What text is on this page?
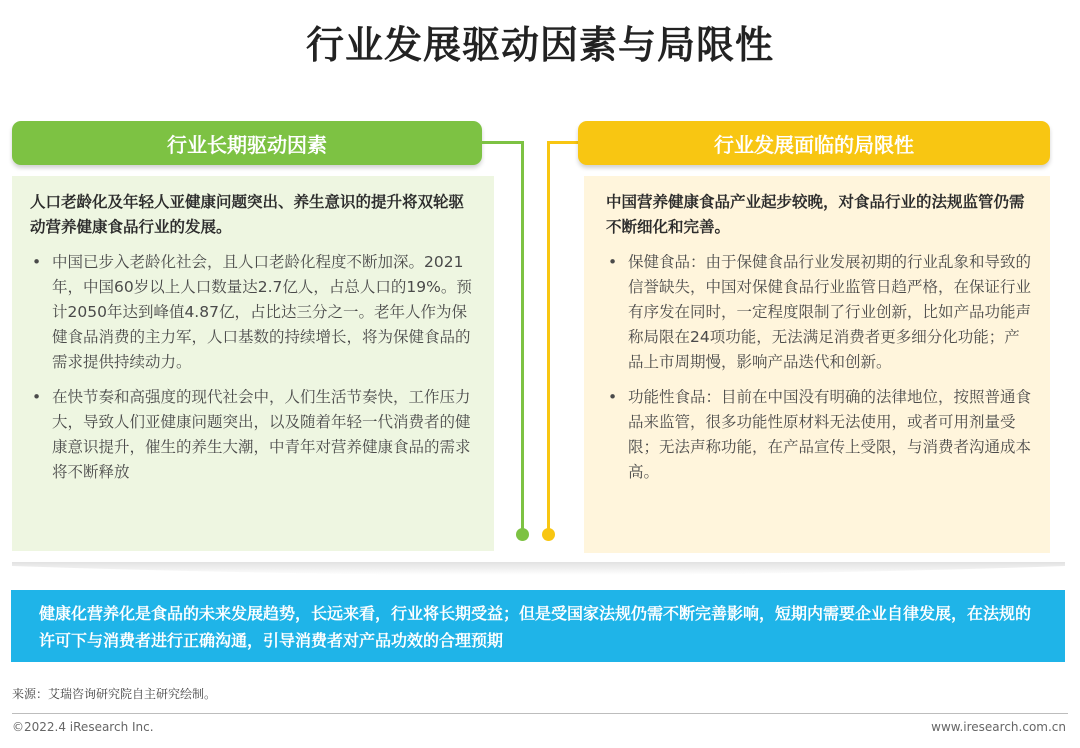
行业发展驱动因素与局限性
行业长期驱动因素

人口老龄化及年轻人亚健康问题突出、养生意识的提升将双轮驱动营养健康食品行业的发展。

• 中国已步入老龄化社会，且人口老龄化程度不断加深。2021年，中国60岁以上人口数量达2.7亿人，占总人口的19%。预计2050年达到峰值4.87亿，占比达三分之一。老年人作为保健食品消费的主力军，人口基数的持续增长，将为保健食品的需求提供持续动力。
• 在快节奏和高强度的现代社会中，人们生活节奏快，工作压力大，导致人们亚健康问题突出，以及随着年轻一代消费者的健康意识提升，催生的养生大潮，中青年对营养健康食品的需求将不断释放
行业发展面临的局限性

中国营养健康食品产业起步较晚，对食品行业的法规监管仍需不断细化和完善。

• 保健食品：由于保健食品行业发展初期的行业乱象和导致的信誉缺失，中国对保健食品行业监管日趋严格，在保证行业有序发在同时，一定程度限制了行业创新，比如产品功能声称局限在24项功能，无法满足消费者更多细分化功能；产品上市周期慢，影响产品迭代和创新。
• 功能性食品：目前在中国没有明确的法律地位，按照普通食品来监管，很多功能性原材料无法使用，或者可用剂量受限；无法声称功能，在产品宣传上受限，与消费者沟通成本高。
健康化营养化是食品的未来发展趋势，长远来看，行业将长期受益；但是受国家法规仍需不断完善影响，短期内需要企业自律发展，在法规的许可下与消费者进行正确沟通，引导消费者对产品功效的合理预期
来源：艾瑞咨询研究院自主研究绘制。
©2022.4 iResearch Inc.	www.iresearch.com.cn
